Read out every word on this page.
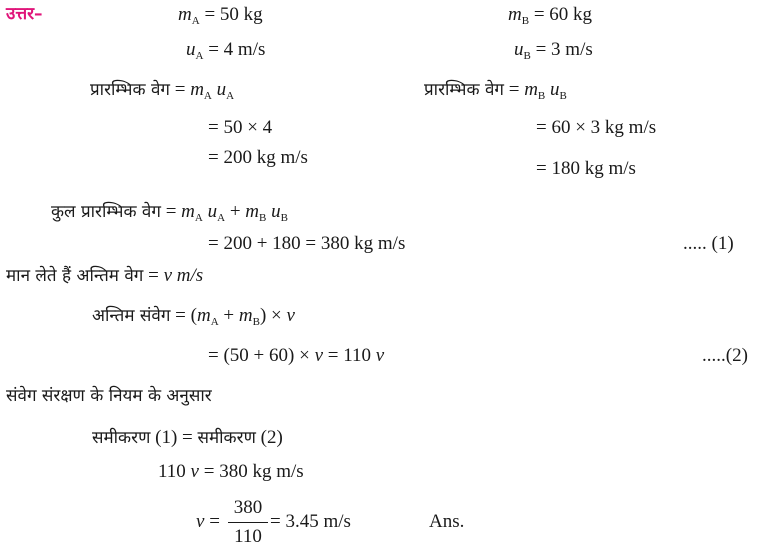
उत्तर–	$m_A = 50$ kg	$m_B = 60$ kg
$u_A = 4$ m/s	$u_B = 3$ m/s
प्रारम्भिक वेग = $m_A$ $u_A$	प्रारम्भिक वेग = $m_B$ $u_B$
= 50 × 4	= 60 × 3 kg m/s
= 200 kg m/s
= 180 kg m/s
कुल प्रारम्भिक वेग = $m_A$ $u_A + m_B$ $u_B$
= 200 + 180 = 380 kg m/s	..... (1)
मान लेते हैं अन्तिम वेग = v m/s
अन्तिम संवेग = $(m_A + m_B) \times v$
= (50 + 60) × v = 110 v	.....(2)
संवेग संरक्षण के नियम के अनुसार
समीकरण (1) = समीकरण (2)
110 v = 380 kg m/s
v =
380
110
= 3.45 m/s	Ans.
